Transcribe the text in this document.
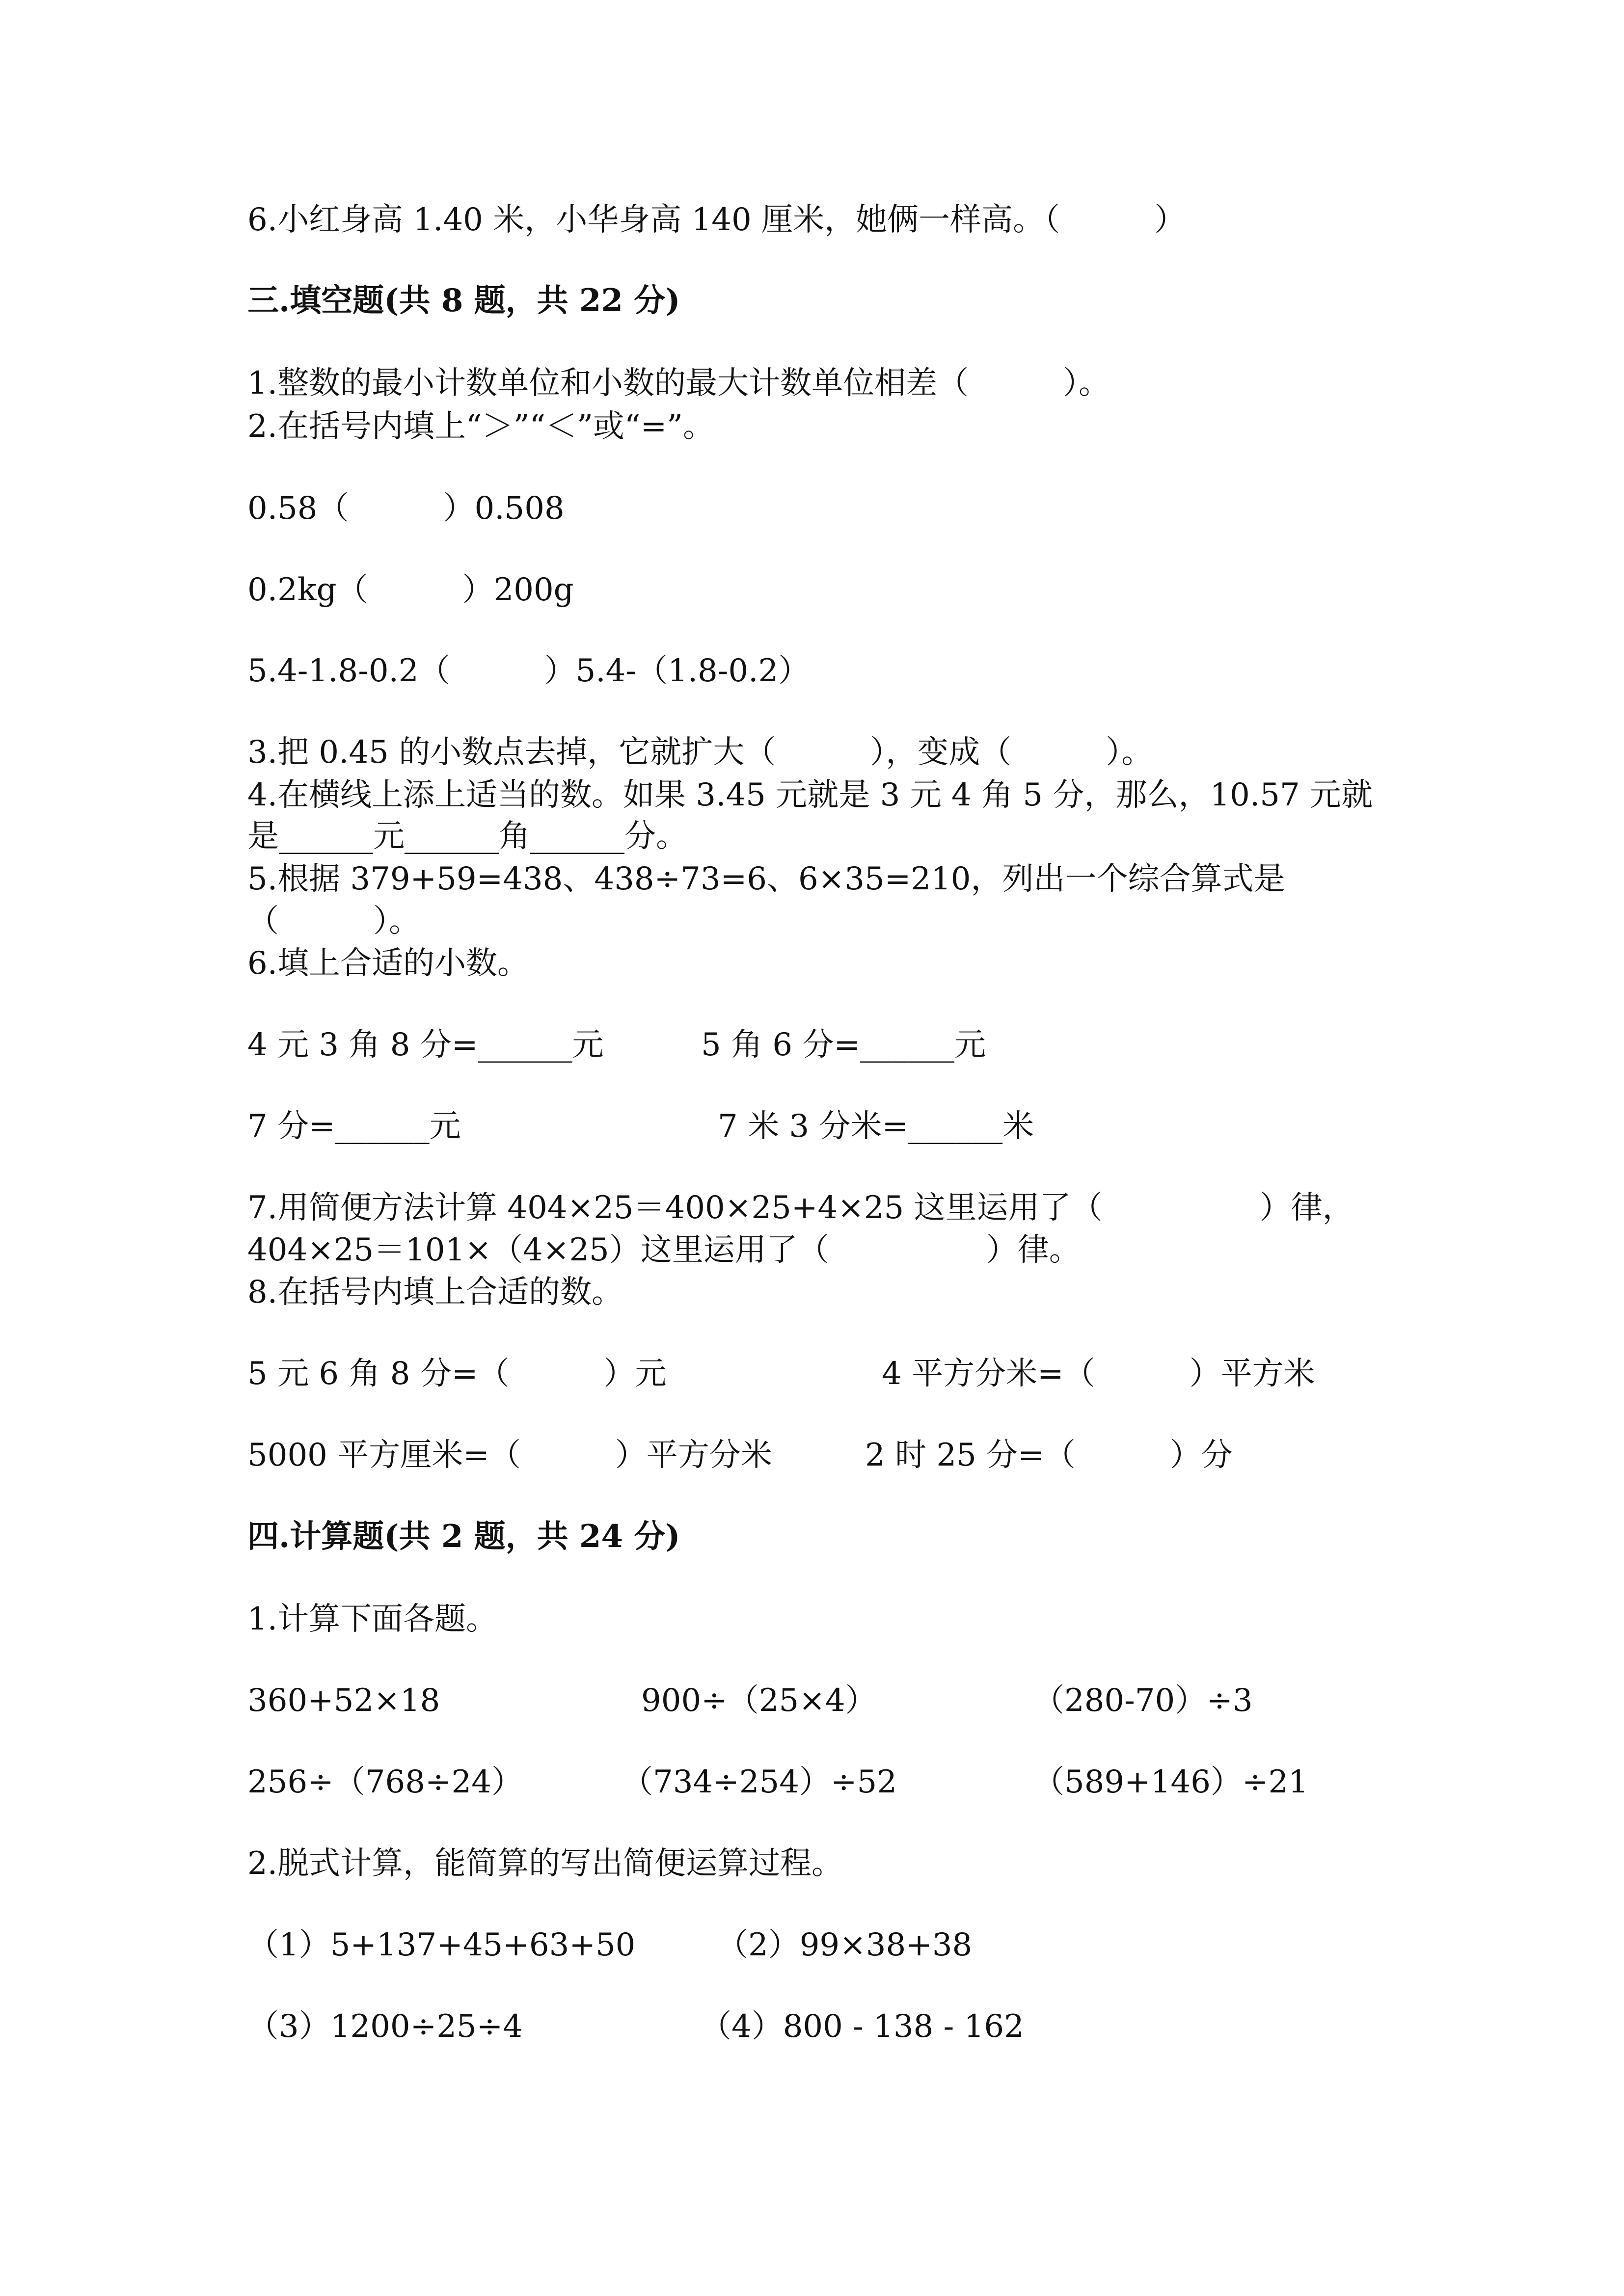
6.小红身高 1.40 米，小华身高 140 厘米，她俩一样高。（　　　）
三.填空题(共 8 题，共 22 分)
1.整数的最小计数单位和小数的最大计数单位相差（　　　）。
2.在括号内填上“＞”“＜”或“=”。
0.58（　　　）0.508
0.2kg（　　　）200g
5.4-1.8-0.2（　　　）5.4-（1.8-0.2）
3.把 0.45 的小数点去掉，它就扩大（　　　），变成（　　　）。
4.在横线上添上适当的数。如果 3.45 元就是 3 元 4 角 5 分，那么，10.57 元就
是______元______角______分。
5.根据 379+59=438、438÷73=6、6×35=210，列出一个综合算式是
（　　　）。
6.填上合适的小数。
4 元 3 角 8 分=______元	5 角 6 分=______元
7 分=______元	7 米 3 分米=______米
7.用简便方法计算 404×25＝400×25+4×25 这里运用了（　　　　　）律，
404×25＝101×（4×25）这里运用了（　　　　　）律。
8.在括号内填上合适的数。
5 元 6 角 8 分=（　　　）元	4 平方分米=（　　　）平方米
5000 平方厘米=（　　　）平方分米	2 时 25 分=（　　　）分
四.计算题(共 2 题，共 24 分)
1.计算下面各题。
360+52×18	900÷（25×4）	（280-70）÷3
256÷（768÷24）	（734÷254）÷52	（589+146）÷21
2.脱式计算，能简算的写出简便运算过程。
（1）5+137+45+63+50	（2）99×38+38
（3）1200÷25÷4	（4）800 - 138 - 162
